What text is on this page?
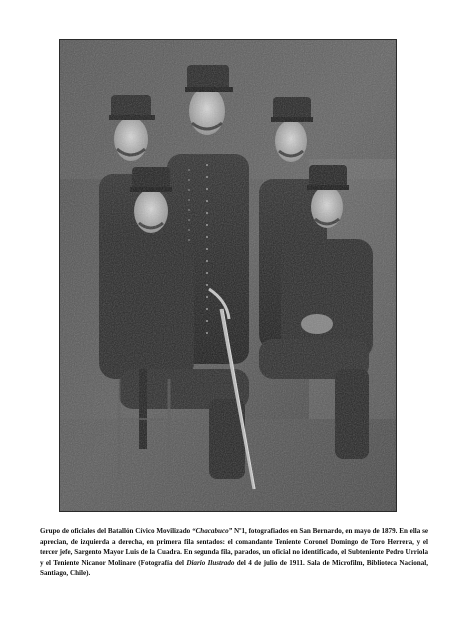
Grupo de oficiales del Batallón Cívico Movilizado “Chacabuco” Nº1, fotografiados en San Bernardo, en mayo de 1879. En ella se aprecian, de izquierda a derecha, en primera fila sentados: el comandante Teniente Coronel Domingo de Toro Herrera, y el tercer jefe, Sargento Mayor Luis de la Cuadra. En segunda fila, parados, un oficial no identificado, el Subteniente Pedro Urriola y el Teniente Nicanor Molinare (Fotografía del Diario Ilustrado del 4 de julio de 1911. Sala de Microfilm, Biblioteca Nacional, Santiago, Chile).
